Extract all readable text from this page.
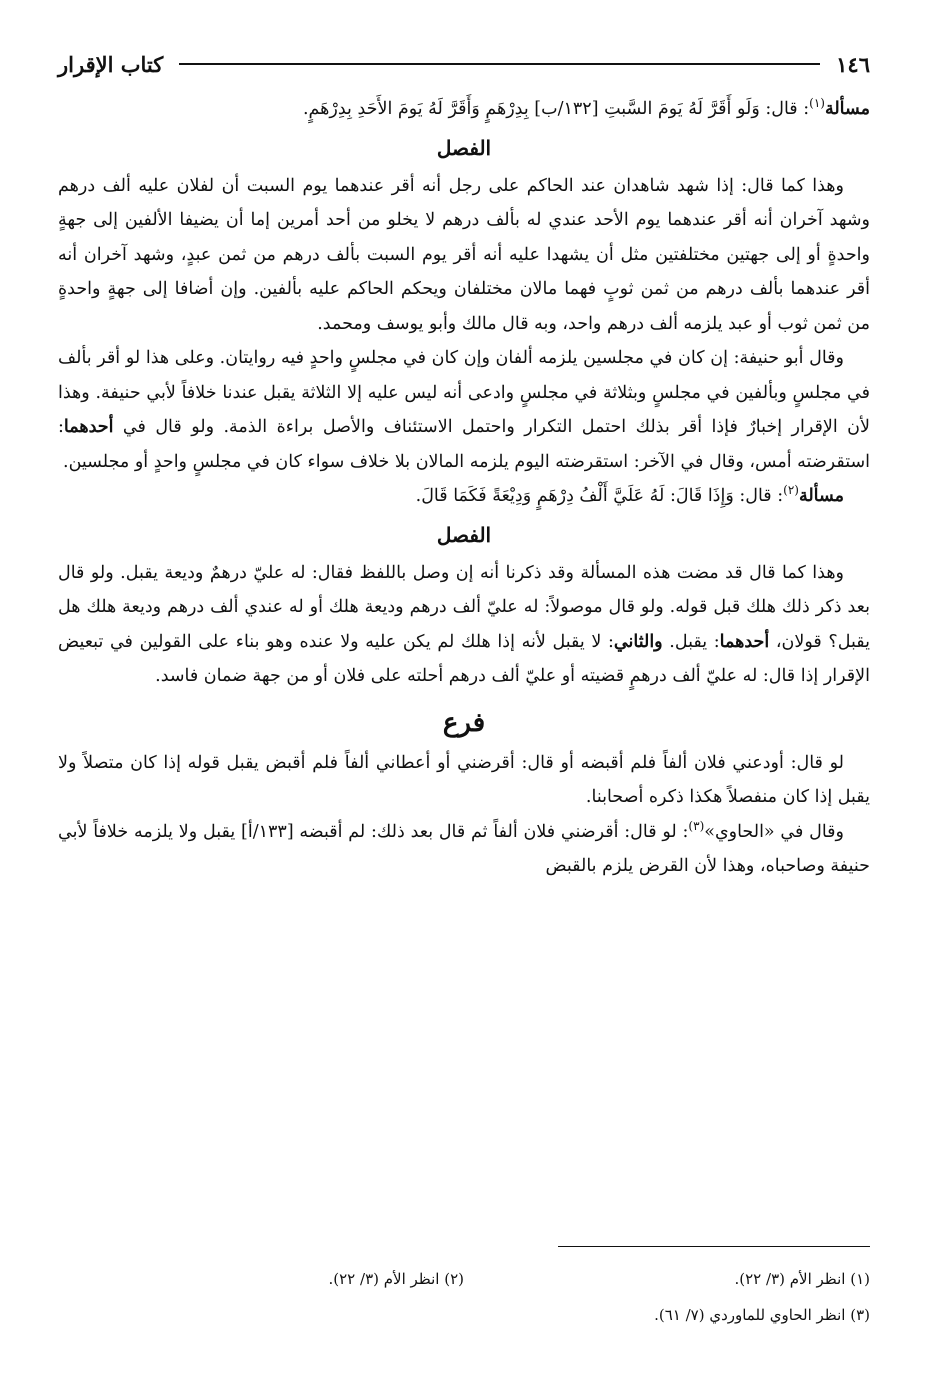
١٤٦
كتاب الإقرار

مسألة$^{(١)}$: قال: وَلَو أَقَرَّ لَهُ يَومَ السَّبتِ [١٣٢/ب] بِدِرْهَمٍ وَأَقَرَّ لَهُ يَومَ الأَحَدِ بِدِرْهَمٍ.

الفصل

وهذا كما قال: إذا شهد شاهدان عند الحاكم على رجل أنه أقر عندهما يوم السبت أن لفلان عليه ألف درهم وشهد آخران أنه أقر عندهما يوم الأحد عندي له بألف درهم لا يخلو من أحد أمرين إما أن يضيفا الألفين إلى جهةٍ واحدةٍ أو إلى جهتين مختلفتين مثل أن يشهدا عليه أنه أقر يوم السبت بألف درهم من ثمن عبدٍ، وشهد آخران أنه أقر عندهما بألف درهم من ثمن ثوبٍ فهما مالان مختلفان ويحكم الحاكم عليه بألفين. وإن أضافا إلى جهةٍ واحدةٍ من ثمن ثوب أو عبد يلزمه ألف درهم واحد، وبه قال مالك وأبو يوسف ومحمد.

وقال أبو حنيفة: إن كان في مجلسين يلزمه ألفان وإن كان في مجلسٍ واحدٍ فيه روايتان. وعلى هذا لو أقر بألف في مجلسٍ وبألفين في مجلسٍ وبثلاثة في مجلسٍ وادعى أنه ليس عليه إلا الثلاثة يقبل عندنا خلافاً لأبي حنيفة. وهذا لأن الإقرار إخبارٌ فإذا أقر بذلك احتمل التكرار واحتمل الاستئناف والأصل براءة الذمة. ولو قال في أحدهما: استقرضته أمس، وقال في الآخر: استقرضته اليوم يلزمه المالان بلا خلاف سواء كان في مجلسٍ واحدٍ أو مجلسين.

مسألة$^{(٢)}$: قال: وَإِذَا قَالَ: لَهُ عَلَيَّ أَلْفُ دِرْهَمٍ وَدِيْعَةً فَكَمَا قَالَ.

الفصل

وهذا كما قال قد مضت هذه المسألة وقد ذكرنا أنه إن وصل باللفظ فقال: له عليّ درهمٌ وديعة يقبل. ولو قال بعد ذكر ذلك هلك قبل قوله. ولو قال موصولاً: له عليّ ألف درهم وديعة هلك أو له عندي ألف درهم وديعة هلك هل يقبل؟ قولان، أحدهما: يقبل. والثاني: لا يقبل لأنه إذا هلك لم يكن عليه ولا عنده وهو بناء على القولين في تبعيض الإقرار إذا قال: له عليّ ألف درهمٍ قضيته أو عليّ ألف درهم أحلته على فلان أو من جهة ضمان فاسد.

فرع

لو قال: أودعني فلان ألفاً فلم أقبضه أو قال: أقرضني أو أعطاني ألفاً فلم أقبض يقبل قوله إذا كان متصلاً ولا يقبل إذا كان منفصلاً هكذا ذكره أصحابنا.

وقال في «الحاوي»$^{(٣)}$: لو قال: أقرضني فلان ألفاً ثم قال بعد ذلك: لم أقبضه [١٣٣/أ] يقبل ولا يلزمه خلافاً لأبي حنيفة وصاحباه، وهذا لأن القرض يلزم بالقبض

(١) انظر الأم (٣/ ٢٢).
(٢) انظر الأم (٣/ ٢٢).
(٣) انظر الحاوي للماوردي (٧/ ٦١).
